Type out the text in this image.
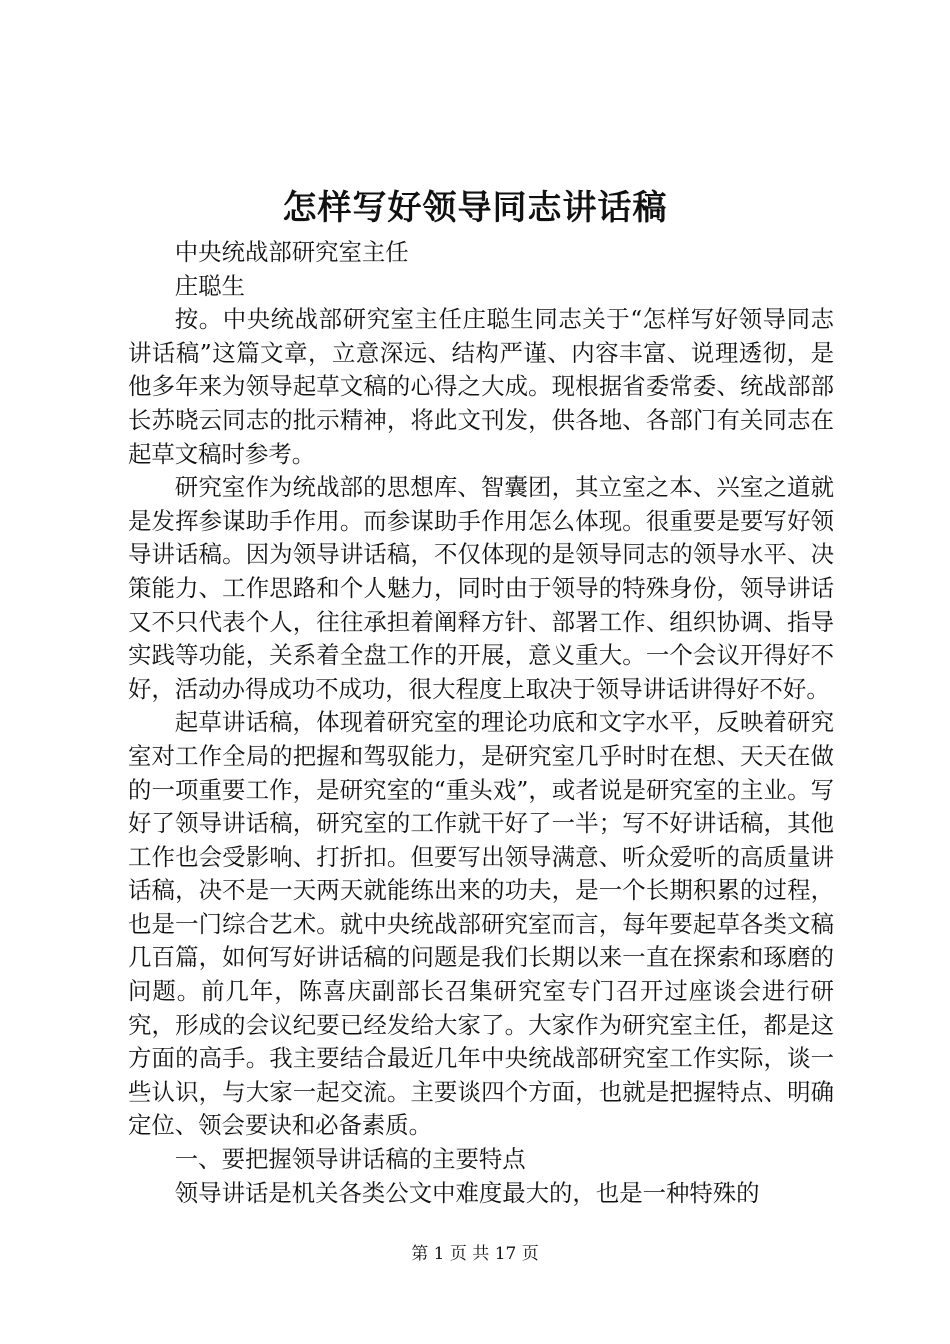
怎样写好领导同志讲话稿

中央统战部研究室主任

庄聪生

按。中央统战部研究室主任庄聪生同志关于“怎样写好领导同志讲话稿”这篇文章，立意深远、结构严谨、内容丰富、说理透彻，是他多年来为领导起草文稿的心得之大成。现根据省委常委、统战部部长苏晓云同志的批示精神，将此文刊发，供各地、各部门有关同志在起草文稿时参考。

研究室作为统战部的思想库、智囊团，其立室之本、兴室之道就是发挥参谋助手作用。而参谋助手作用怎么体现。很重要是要写好领导讲话稿。因为领导讲话稿，不仅体现的是领导同志的领导水平、决策能力、工作思路和个人魅力，同时由于领导的特殊身份，领导讲话又不只代表个人，往往承担着阐释方针、部署工作、组织协调、指导实践等功能，关系着全盘工作的开展，意义重大。一个会议开得好不好，活动办得成功不成功，很大程度上取决于领导讲话讲得好不好。

起草讲话稿，体现着研究室的理论功底和文字水平，反映着研究室对工作全局的把握和驾驭能力，是研究室几乎时时在想、天天在做的一项重要工作，是研究室的“重头戏”，或者说是研究室的主业。写好了领导讲话稿，研究室的工作就干好了一半；写不好讲话稿，其他工作也会受影响、打折扣。但要写出领导满意、听众爱听的高质量讲话稿，决不是一天两天就能练出来的功夫，是一个长期积累的过程，也是一门综合艺术。就中央统战部研究室而言，每年要起草各类文稿几百篇，如何写好讲话稿的问题是我们长期以来一直在探索和琢磨的问题。前几年，陈喜庆副部长召集研究室专门召开过座谈会进行研究，形成的会议纪要已经发给大家了。大家作为研究室主任，都是这方面的高手。我主要结合最近几年中央统战部研究室工作实际，谈一些认识，与大家一起交流。主要谈四个方面，也就是把握特点、明确定位、领会要诀和必备素质。

一、要把握领导讲话稿的主要特点

领导讲话是机关各类公文中难度最大的，也是一种特殊的

第 1 页 共 17 页
